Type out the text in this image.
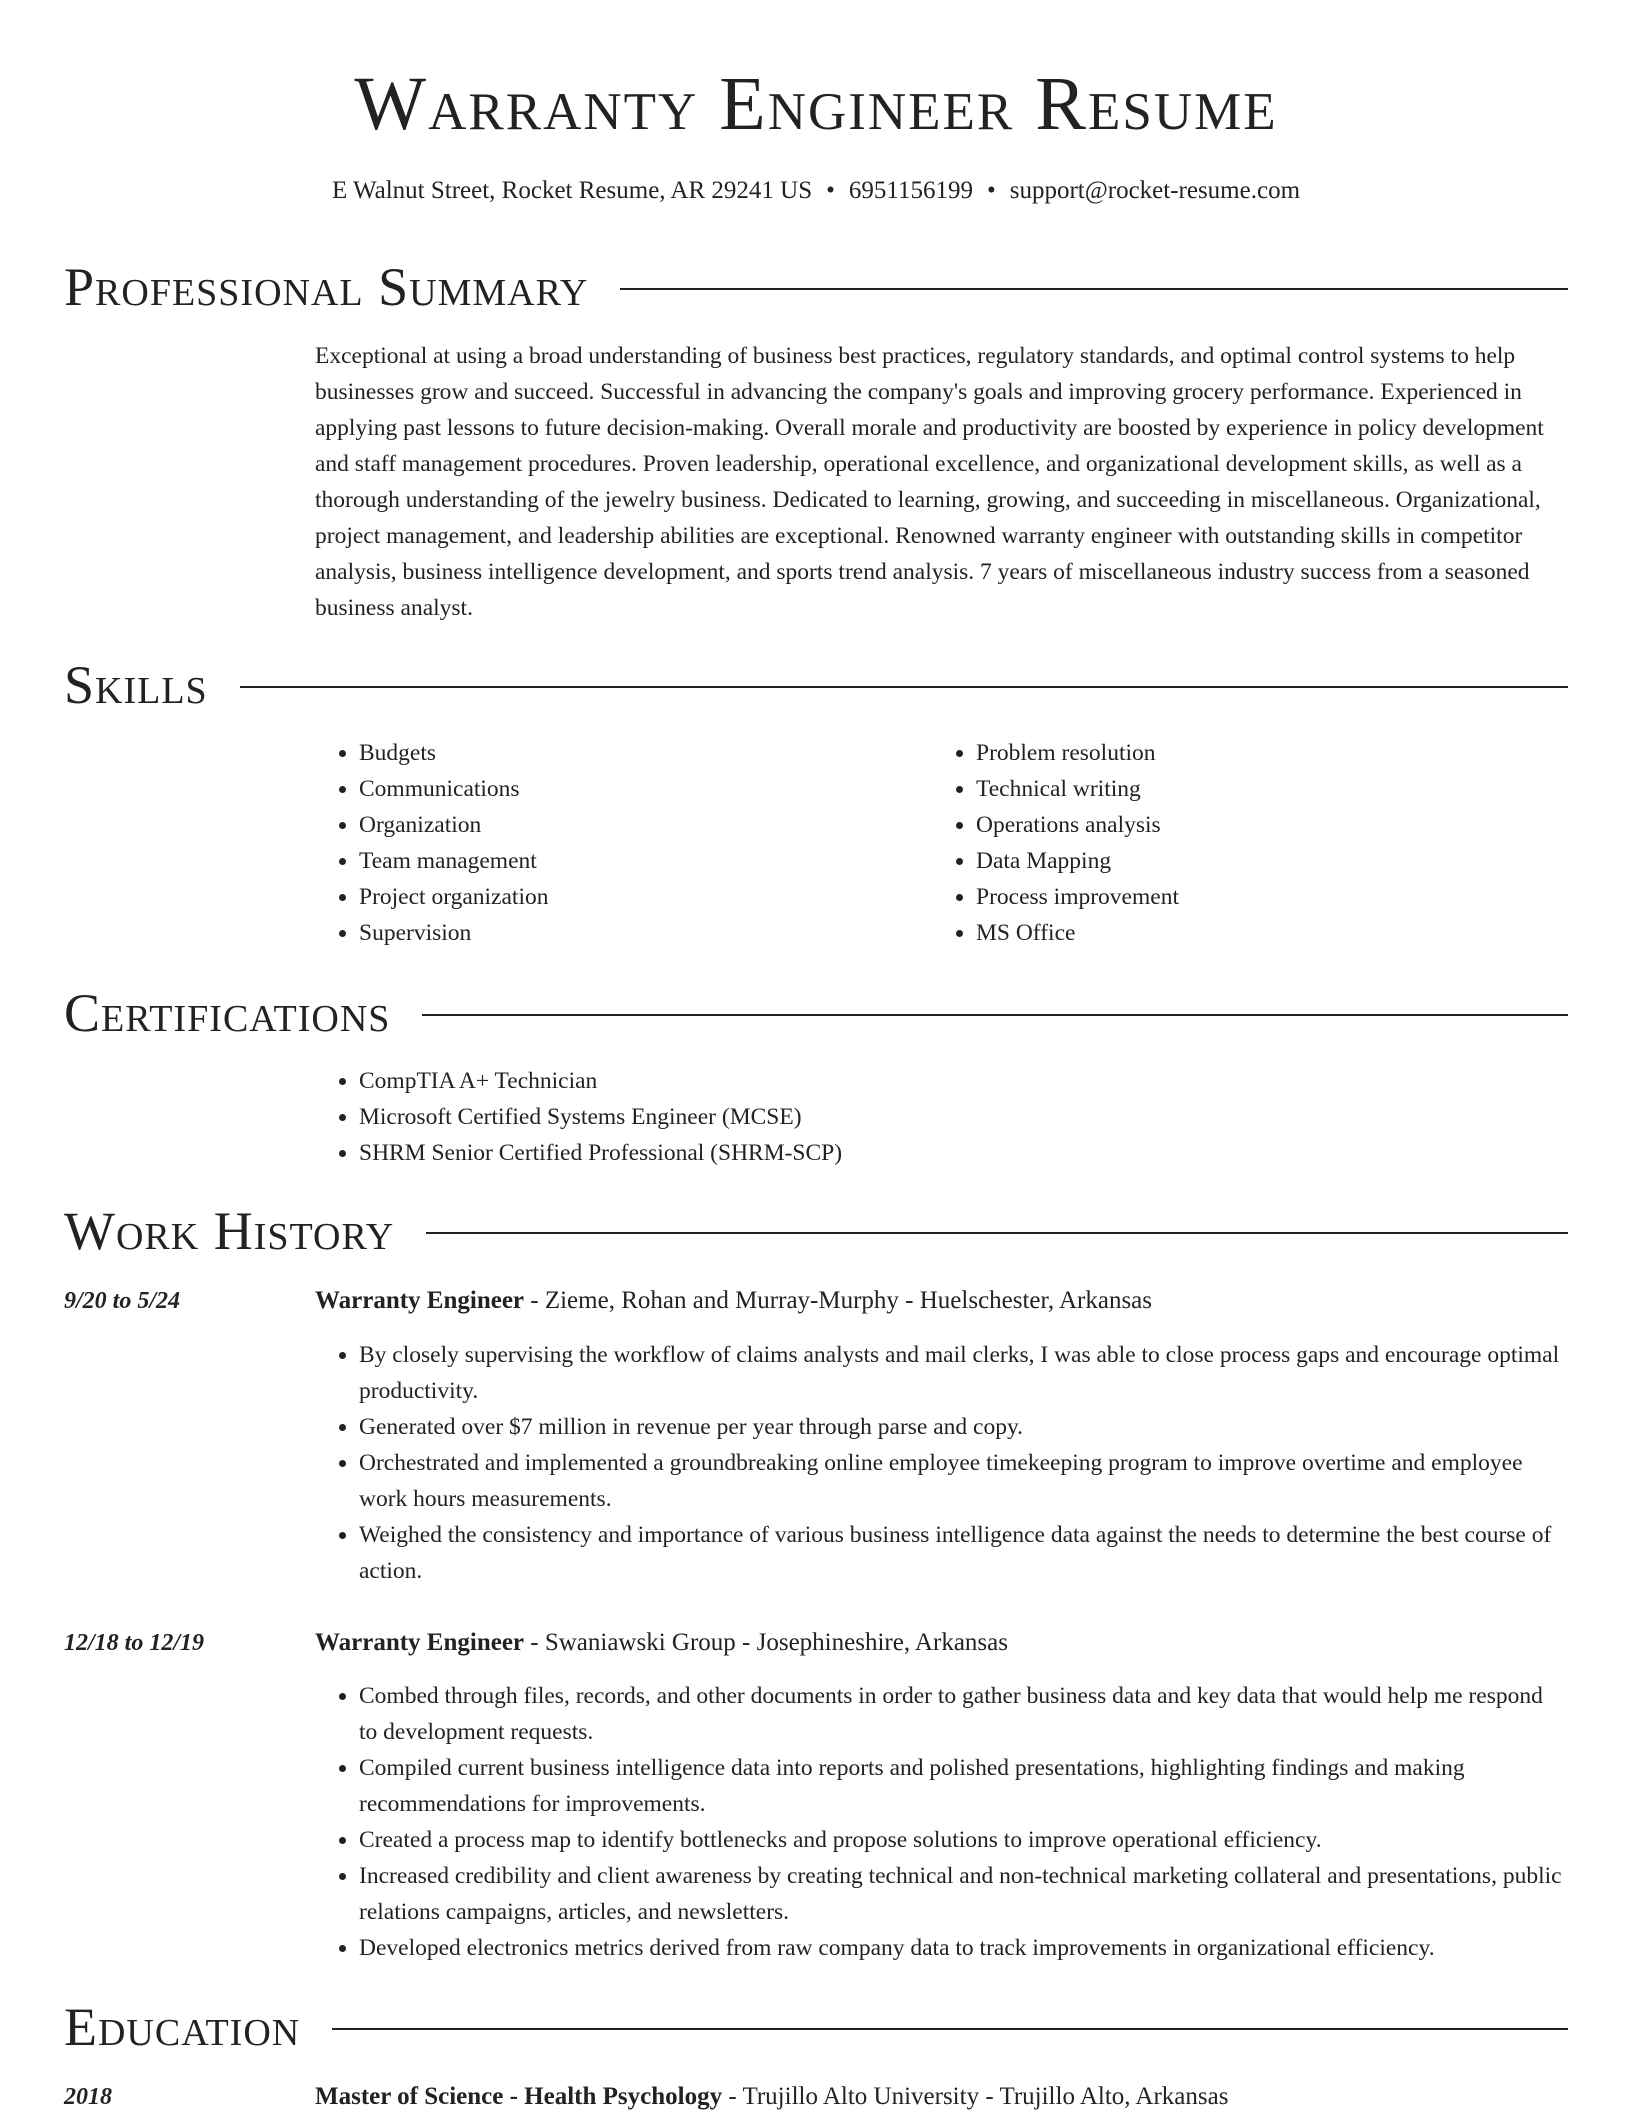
Warranty Engineer Resume
E Walnut Street, Rocket Resume, AR 29241 US • 6951156199 • support@rocket-resume.com
Professional Summary

Exceptional at using a broad understanding of business best practices, regulatory standards, and optimal control systems to help businesses grow and succeed. Successful in advancing the company's goals and improving grocery performance. Experienced in applying past lessons to future decision-making. Overall morale and productivity are boosted by experience in policy development and staff management procedures. Proven leadership, operational excellence, and organizational development skills, as well as a thorough understanding of the jewelry business. Dedicated to learning, growing, and succeeding in miscellaneous. Organizational, project management, and leadership abilities are exceptional. Renowned warranty engineer with outstanding skills in competitor analysis, business intelligence development, and sports trend analysis. 7 years of miscellaneous industry success from a seasoned business analyst.

Skills
• Budgets
• Communications
• Organization
• Team management
• Project organization
• Supervision
• Problem resolution
• Technical writing
• Operations analysis
• Data Mapping
• Process improvement
• MS Office
Certifications
• CompTIA A+ Technician
• Microsoft Certified Systems Engineer (MCSE)
• SHRM Senior Certified Professional (SHRM-SCP)
Work History
9/20 to 5/24	Warranty Engineer - Zieme, Rohan and Murray-Murphy - Huelschester, Arkansas
• By closely supervising the workflow of claims analysts and mail clerks, I was able to close process gaps and encourage optimal productivity.
• Generated over $7 million in revenue per year through parse and copy.
• Orchestrated and implemented a groundbreaking online employee timekeeping program to improve overtime and employee work hours measurements.
• Weighed the consistency and importance of various business intelligence data against the needs to determine the best course of action.
12/18 to 12/19	Warranty Engineer - Swaniawski Group - Josephineshire, Arkansas
• Combed through files, records, and other documents in order to gather business data and key data that would help me respond to development requests.
• Compiled current business intelligence data into reports and polished presentations, highlighting findings and making recommendations for improvements.
• Created a process map to identify bottlenecks and propose solutions to improve operational efficiency.
• Increased credibility and client awareness by creating technical and non-technical marketing collateral and presentations, public relations campaigns, articles, and newsletters.
• Developed electronics metrics derived from raw company data to track improvements in organizational efficiency.
Education
2018	Master of Science - Health Psychology - Trujillo Alto University - Trujillo Alto, Arkansas
